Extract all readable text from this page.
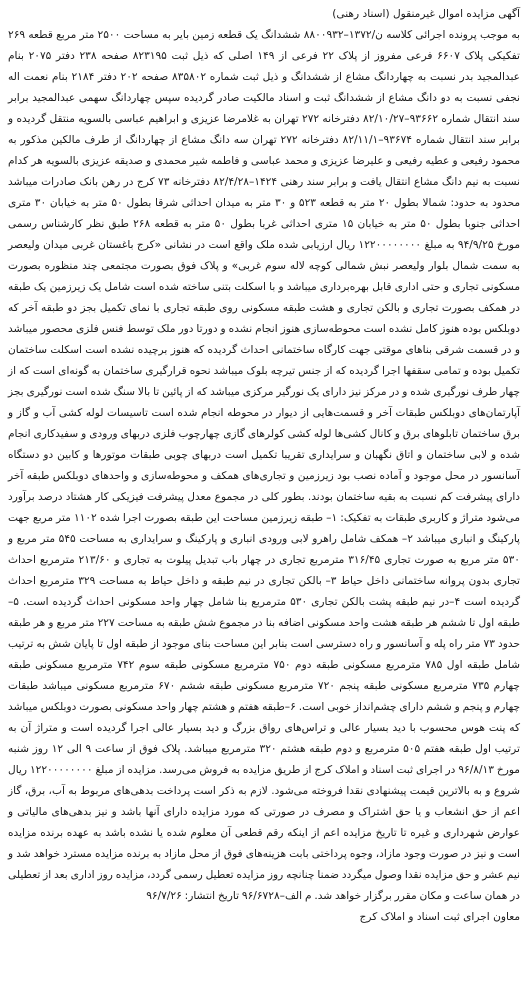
آگهی مزایده اموال غیرمنقول (اسناد رهنی)

به موجب پرونده اجرائی کلاسه ن/۱۳۷۲–۸۸۰۰۹۳۲ ششدانگ یک قطعه زمین بایر به مساحت ۲۵۰۰ متر مربع قطعه ۲۶۹ تفکیکی پلاک ۶۶۰۷ فرعی مفروز از پلاک ۲۲ فرعی از ۱۴۹ اصلی که ذیل ثبت ۸۲۳۱۹۵ صفحه ۲۳۸ دفتر ۲۰۷۵ بنام عبدالمجید بدر نسبت به چهاردانگ مشاع از ششدانگ و ذیل ثبت شماره ۸۳۵۸۰۲ صفحه ۲۰۲ دفتر ۲۱۸۴ بنام نعمت اله نجفی نسبت به دو دانگ مشاع از ششدانگ ثبت و اسناد مالکیت صادر گردیده سپس چهاردانگ سهمی عبدالمجید برابر سند انتقال شماره ۹۳۶۶۲–۸۲/۱۰/۲۷ دفترخانه ۲۷۲ تهران به غلامرضا عزیزی و ابراهیم عباسی بالسویه منتقل گردیده و برابر سند انتقال شماره ۹۳۶۷۴–۸۲/۱۱/۱ دفترخانه ۲۷۲ تهران سه دانگ مشاع از چهاردانگ از طرف مالکین مذکور به محمود رفیعی و عطیه رفیعی و علیرضا عزیزی و محمد عباسی و فاطمه شیر محمدی و صدیقه عزیزی بالسویه هر کدام نسبت به نیم دانگ مشاع انتقال یافت و برابر سند رهنی ۱۴۲۴–۸۲/۴/۲۸ دفترخانه ۷۳ کرج در رهن بانک صادرات میباشد محدود به حدود: شمالا بطول ۲۰ متر به قطعه ۵۲۳ و ۳۰ متر به میدان احداثی شرقا بطول ۵۰ متر به خیابان ۳۰ متری احداثی جنوبا بطول ۵۰ متر به خیابان ۱۵ متری احداثی غربا بطول ۵۰ متر به قطعه ۲۶۸ طبق نظر کارشناس رسمی مورخ ۹۴/۹/۲۵ به مبلغ ۱۲۲۰۰۰۰۰۰۰۰ ریال ارزیابی شده ملک واقع است در نشانی «کرج باغستان غربی میدان ولیعصر به سمت شمال بلوار ولیعصر نبش شمالی کوچه لاله سوم غربی» و پلاک فوق بصورت مجتمعی چند منظوره بصورت مسکونی تجاری و حتی اداری قابل بهره‌برداری میباشد و با اسکلت بتنی ساخته شده است شامل یک زیرزمین یک طبقه در همکف بصورت تجاری و بالکن تجاری و هشت طبقه مسکونی روی طبقه تجاری با نمای تکمیل بجز دو طبقه آخر که دوبلکس بوده هنوز کامل نشده است محوطه‌سازی هنوز انجام نشده و دورتا دور ملک توسط فنس فلزی محصور میباشد و در قسمت شرقی بناهای موقتی جهت کارگاه ساختمانی احداث گردیده که هنوز برچیده نشده است اسکلت ساختمان تکمیل بوده و تمامی سقفها اجرا گردیده که از جنس تیرچه بلوک میباشد نحوه قرارگیری ساختمان به گونه‌ای است که از چهار طرف نورگیری شده و در مرکز نیز دارای یک نورگیر مرکزی میباشد که از پائین تا بالا سنگ شده است نورگیری بجز آپارتمان‌های دوبلکس طبقات آخر و قسمت‌هایی از دیوار در محوطه انجام شده است تاسیسات لوله کشی آب و گاز و برق ساختمان تابلوهای برق و کانال کشی‌ها لوله کشی کولرهای گازی چهارچوب فلزی دربهای ورودی و سفیدکاری انجام شده و لابی ساختمان و اتاق نگهبان و سرایداری تقریبا تکمیل است دربهای چوبی طبقات موتورها و کابین دو دستگاه آسانسور در محل موجود و آماده نصب بود زیرزمین و تجاری‌های همکف و محوطه‌سازی و واحدهای دوبلکس طبقه آخر دارای پیشرفت کم نسبت به بقیه ساختمان بودند. بطور کلی در مجموع معدل پیشرفت فیزیکی کار هشتاد درصد برآورد می‌شود متراژ و کاربری طبقات به تفکیک: ۱– طبقه زیرزمین مساحت این طبقه بصورت اجرا شده ۱۱۰۲ متر مربع جهت پارکینگ و انباری میباشد ۲– همکف شامل راهرو لابی ورودی انباری و پارکینگ و سرایداری به مساحت ۵۴۵ متر مربع و ۵۳۰ متر مربع به صورت تجاری ۳۱۶/۴۵ مترمربع تجاری در چهار باب تبدیل پیلوت به تجاری و ۲۱۳/۶۰ مترمربع احداث تجاری بدون پروانه ساختمانی داخل حیاط ۳– بالکن تجاری در نیم طبقه و داخل حیاط به مساحت ۳۲۹ مترمربع احداث گردیده است ۴–در نیم طبقه پشت بالکن تجاری ۵۳۰ مترمربع بنا شامل چهار واحد مسکونی احداث گردیده است. ۵– طبقه اول تا ششم هر طبقه هشت واحد مسکونی اضافه بنا در مجموع شش طبقه به مساحت ۲۲۷ متر مربع و هر طبقه حدود ۷۳ متر راه پله و آسانسور و راه دسترسی است بنابر این مساحت بنای موجود از طبقه اول تا پایان شش به ترتیب شامل طبقه اول ۷۸۵ مترمربع مسکونی طبقه دوم ۷۵۰ مترمربع مسکونی طبقه سوم ۷۴۲ مترمربع مسکونی طبقه چهارم ۷۳۵ مترمربع مسکونی طبقه پنجم ۷۲۰ مترمربع مسکونی طبقه ششم ۶۷۰ مترمربع مسکونی میباشد طبقات چهارم و پنجم و ششم دارای چشم‌انداز خوبی است. ۶–طبقه هفتم و هشتم چهار واحد مسکونی بصورت دوبلکس میباشد که پنت هوس محسوب با دید بسیار عالی و تراس‌های رواق بزرگ و دید بسیار عالی اجرا گردیده است و متراژ آن به ترتیب اول طبقه هفتم ۵۰۵ مترمربع و دوم طبقه هشتم ۳۲۰ مترمربع میباشد. پلاک فوق از ساعت ۹ الی ۱۲ روز شنبه مورخ ۹۶/۸/۱۳ در اجرای ثبت اسناد و املاک کرج از طریق مزایده به فروش می‌رسد. مزایده از مبلغ ۱۲۲۰۰۰۰۰۰۰۰ ریال شروع و به بالاترین قیمت پیشنهادی نقدا فروخته می‌شود. لازم به ذکر است پرداخت بدهی‌های مربوط به آب، برق، گاز اعم از حق انشعاب و یا حق اشتراک و مصرف در صورتی که مورد مزایده دارای آنها باشد و نیز بدهی‌های مالیاتی و عوارض شهرداری و غیره تا تاریخ مزایده اعم از اینکه رقم قطعی آن معلوم شده یا نشده باشد به عهده برنده مزایده است و نیز در صورت وجود مازاد، وجوه پرداختی بابت هزینه‌های فوق از محل مازاد به برنده مزایده مسترد خواهد شد و نیم عشر و حق مزایده نقدا وصول میگردد ضمنا چنانچه روز مزایده تعطیل رسمی گردد، مزایده روز اداری بعد از تعطیلی در همان ساعت و مکان مقرر برگزار خواهد شد. م الف–۹۶/۶۷۲۸ تاریخ انتشار: ۹۶/۷/۲۶

معاون اجرای ثبت اسناد و املاک کرج
